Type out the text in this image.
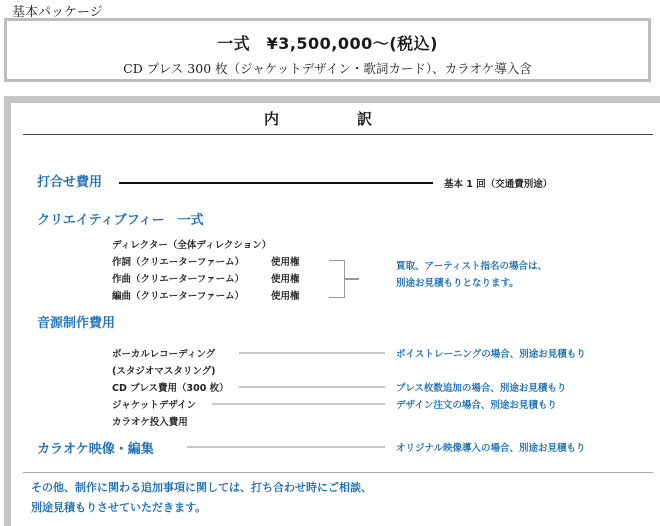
基本パッケージ
一式　¥3,500,000～(税込)
CD プレス 300 枚（ジャケットデザイン・歌詞カード）、カラオケ導入含
内	訳
打合せ費用	基本 1 回（交通費別途）
クリエイティブフィー　一式
ディレクター（全体ディレクション）
作詞（クリエーターファーム）	使用権
作曲（クリエーターファーム）	使用権
編曲（クリエーターファーム）	使用権
買取、アーティスト指名の場合は、
別途お見積もりとなります。
音源制作費用
ボーカルレコーディング	ボイストレーニングの場合、別途お見積もり
(スタジオマスタリング)
CD プレス費用（300 枚）	プレス枚数追加の場合、別途お見積もり
ジャケットデザイン	デザイン注文の場合、別途お見積もり
カラオケ投入費用
カラオケ映像・編集	オリジナル映像導入の場合、別途お見積もり
その他、制作に関わる追加事項に関しては、打ち合わせ時にご相談、
別途見積もりさせていただきます。
